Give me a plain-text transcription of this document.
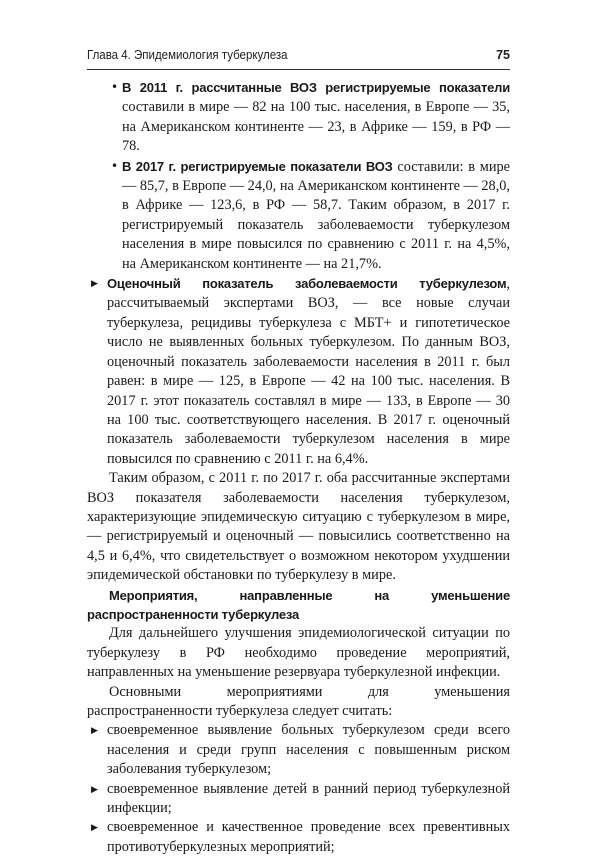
Глава 4. Эпидемиология туберкулеза	75
• В 2011 г. рассчитанные ВОЗ регистрируемые показатели составили в мире — 82 на 100 тыс. населения, в Европе — 35, на Американском континенте — 23, в Африке — 159, в РФ — 78.
• В 2017 г. регистрируемые показатели ВОЗ составили: в мире — 85,7, в Европе — 24,0, на Американском континенте — 28,0, в Африке — 123,6, в РФ — 58,7. Таким образом, в 2017 г. регистрируемый показатель заболеваемости туберкулезом населения в мире повысился по сравнению с 2011 г. на 4,5%, на Американском континенте — на 21,7%.
▶ Оценочный показатель заболеваемости туберкулезом, рассчитываемый экспертами ВОЗ, — все новые случаи туберкулеза, рецидивы туберкулеза с МБТ+ и гипотетическое число не выявленных больных туберкулезом. По данным ВОЗ, оценочный показатель заболеваемости населения в 2011 г. был равен: в мире — 125, в Европе — 42 на 100 тыс. населения. В 2017 г. этот показатель составлял в мире — 133, в Европе — 30 на 100 тыс. соответствующего населения. В 2017 г. оценочный показатель заболеваемости туберкулезом населения в мире повысился по сравнению с 2011 г. на 6,4%.

Таким образом, с 2011 г. по 2017 г. оба рассчитанные экспертами ВОЗ показателя заболеваемости населения туберкулезом, характеризующие эпидемическую ситуацию с туберкулезом в мире, — регистрируемый и оценочный — повысились соответственно на 4,5 и 6,4%, что свидетельствует о возможном некотором ухудшении эпидемической обстановки по туберкулезу в мире.

Мероприятия, направленные на уменьшение распространенности туберкулеза

Для дальнейшего улучшения эпидемиологической ситуации по туберкулезу в РФ необходимо проведение мероприятий, направленных на уменьшение резервуара туберкулезной инфекции.

Основными мероприятиями для уменьшения распространенности туберкулеза следует считать:

▶ своевременное выявление больных туберкулезом среди всего населения и среди групп населения с повышенным риском заболевания туберкулезом;
▶ своевременное выявление детей в ранний период туберкулезной инфекции;
▶ своевременное и качественное проведение всех превентивных противотуберкулезных мероприятий;
